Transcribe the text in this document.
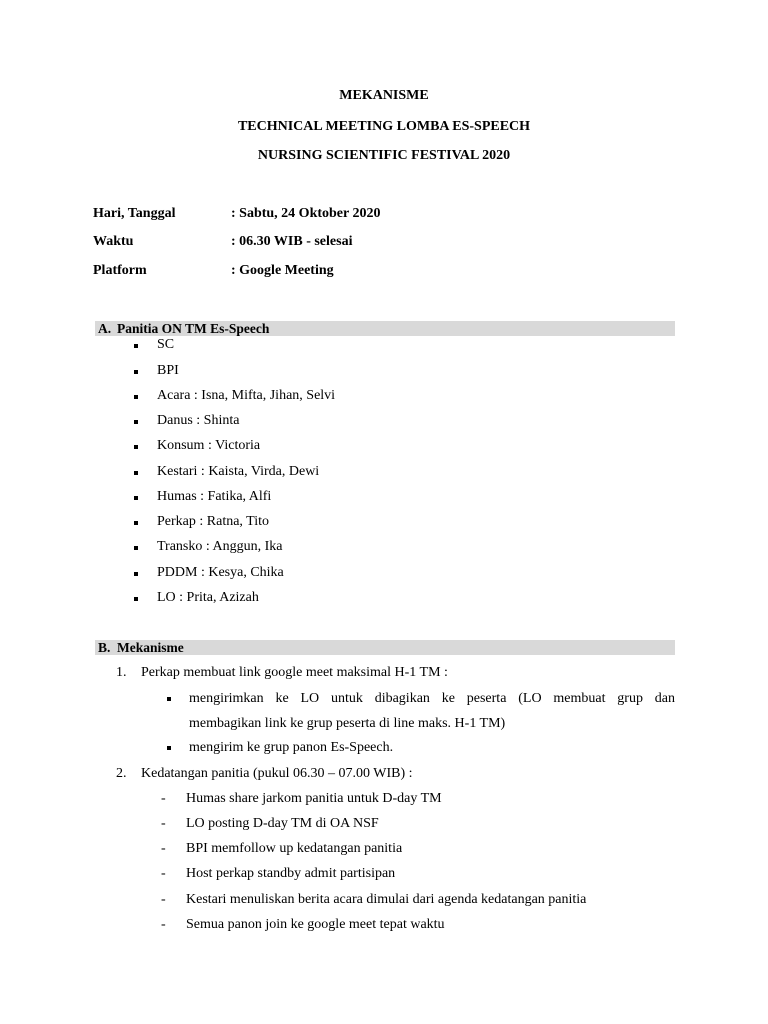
MEKANISME
TECHNICAL MEETING LOMBA ES-SPEECH
NURSING SCIENTIFIC FESTIVAL 2020
Hari, Tanggal	: Sabtu, 24 Oktober 2020
Waktu	: 06.30 WIB - selesai
Platform	: Google Meeting
A. Panitia ON TM Es-Speech
SC
BPI
Acara : Isna, Mifta, Jihan, Selvi
Danus : Shinta
Konsum : Victoria
Kestari : Kaista, Virda, Dewi
Humas : Fatika, Alfi
Perkap : Ratna, Tito
Transko : Anggun, Ika
PDDM : Kesya, Chika
LO : Prita, Azizah
B. Mekanisme
1. Perkap membuat link google meet maksimal H-1 TM :
mengirimkan ke LO untuk dibagikan ke peserta (LO membuat grup dan
membagikan link ke grup peserta di line maks. H-1 TM)
mengirim ke grup panon Es-Speech.
2. Kedatangan panitia (pukul 06.30 – 07.00 WIB) :
- Humas share jarkom panitia untuk D-day TM
- LO posting D-day TM di OA NSF
- BPI memfollow up kedatangan panitia
- Host perkap standby admit partisipan
- Kestari menuliskan berita acara dimulai dari agenda kedatangan panitia
- Semua panon join ke google meet tepat waktu
